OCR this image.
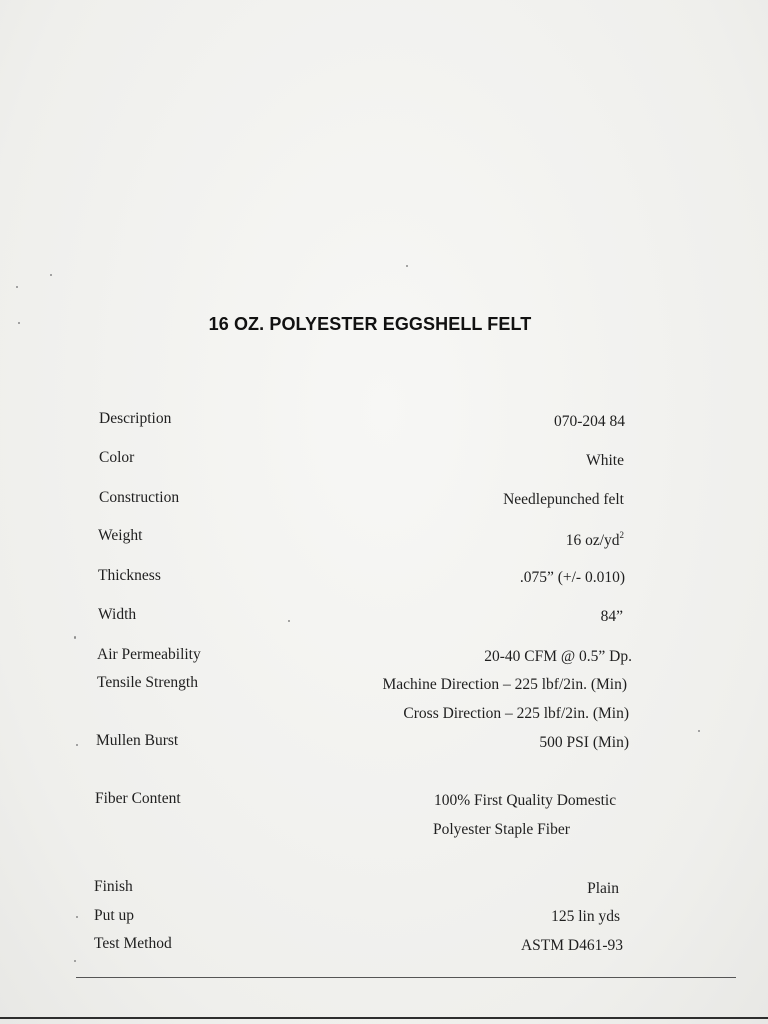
16 OZ. POLYESTER EGGSHELL FELT
Description	070-204 84
Color	White
Construction	Needlepunched felt
Weight	16 $oz/yd^2$
Thickness	.075” (+/- 0.010)
Width	84”
Air Permeability	20-40 CFM @ 0.5” Dp.
Tensile Strength	Machine Direction – 225 lbf/2in. (Min)
Cross Direction – 225 lbf/2in. (Min)
Mullen Burst	500 PSI (Min)
Fiber Content	100% First Quality Domestic
Polyester Staple Fiber
Finish	Plain
Put up	125 lin yds
Test Method	ASTM D461-93
